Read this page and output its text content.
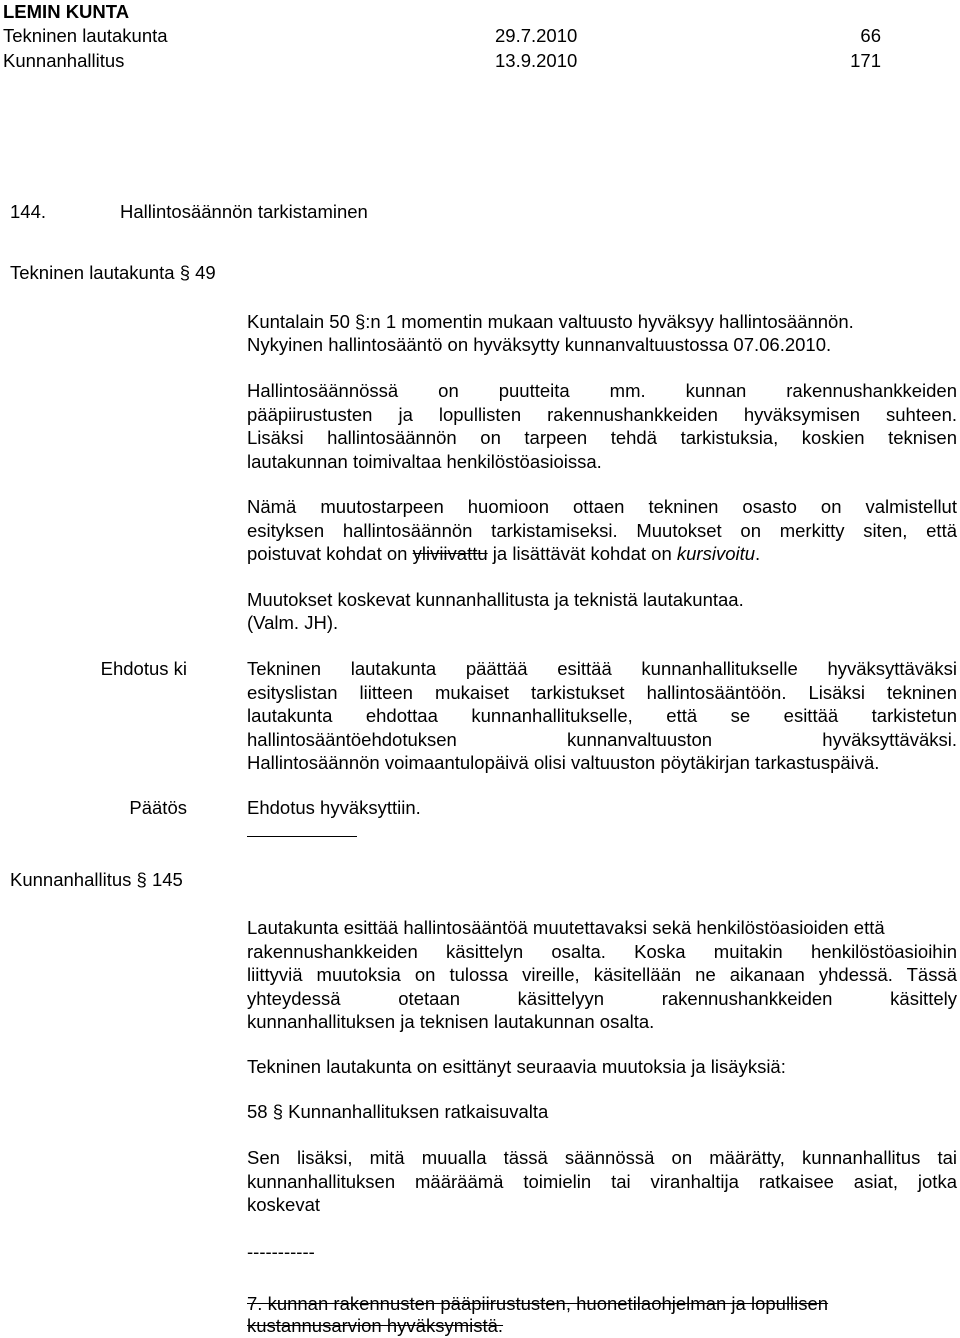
LEMIN KUNTA
Tekninen lautakunta	29.7.2010	66
Kunnanhallitus	13.9.2010	171
144.	Hallintosäännön tarkistaminen
Tekninen lautakunta § 49
Kuntalain 50 §:n 1 momentin mukaan valtuusto hyväksyy hallintosäännön.
Nykyinen hallintosääntö on hyväksytty kunnanvaltuustossa 07.06.2010.
Hallintosäännössä on puutteita mm. kunnan rakennushankkeiden
pääpiirustusten ja lopullisten rakennushankkeiden hyväksymisen suhteen.
Lisäksi hallintosäännön on tarpeen tehdä tarkistuksia, koskien teknisen
lautakunnan toimivaltaa henkilöstöasioissa.
Nämä muutostarpeen huomioon ottaen tekninen osasto on valmistellut
esityksen hallintosäännön tarkistamiseksi. Muutokset on merkitty siten, että
poistuvat kohdat on yliviivattu ja lisättävät kohdat on kursivoitu.
Muutokset koskevat kunnanhallitusta ja teknistä lautakuntaa.
(Valm. JH).
Ehdotus ki	Tekninen lautakunta päättää esittää kunnanhallitukselle hyväksyttäväksi
esityslistan liitteen mukaiset tarkistukset hallintosääntöön. Lisäksi tekninen
lautakunta ehdottaa kunnanhallitukselle, että se esittää tarkistetun
hallintosääntöehdotuksen kunnanvaltuuston hyväksyttäväksi.
Hallintosäännön voimaantulopäivä olisi valtuuston pöytäkirjan tarkastuspäivä.
Päätös	Ehdotus hyväksyttiin.
Kunnanhallitus § 145
Lautakunta esittää hallintosääntöä muutettavaksi sekä henkilöstöasioiden että
rakennushankkeiden käsittelyn osalta. Koska muitakin henkilöstöasioihin
liittyviä muutoksia on tulossa vireille, käsitellään ne aikanaan yhdessä. Tässä
yhteydessä otetaan käsittelyyn rakennushankkeiden käsittely
kunnanhallituksen ja teknisen lautakunnan osalta.
Tekninen lautakunta on esittänyt seuraavia muutoksia ja lisäyksiä:
58 § Kunnanhallituksen ratkaisuvalta
Sen lisäksi, mitä muualla tässä säännössä on määrätty, kunnanhallitus tai
kunnanhallituksen määräämä toimielin tai viranhaltija ratkaisee asiat, jotka
koskevat
-----------
7. kunnan rakennusten pääpiirustusten, huonetilaohjelman ja lopullisen
kustannusarvion hyväksymistä.
